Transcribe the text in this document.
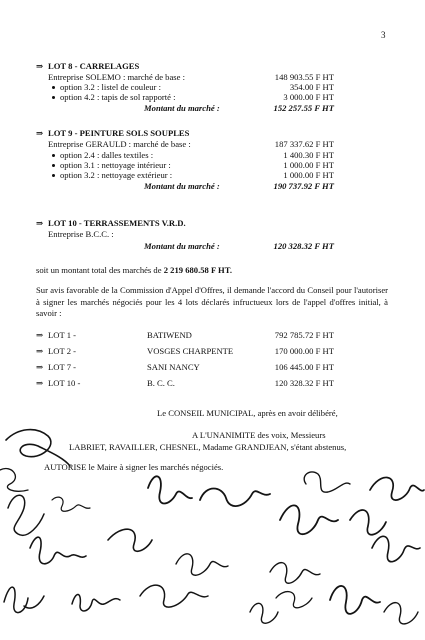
3
⇒ LOT 8 - CARRELAGES
Entreprise SOLEMO : marché de base :	148 903.55 F HT
option 3.2 : listel de couleur :	354.00 F HT
option 4.2 : tapis de sol rapporté :	3 000.00 F HT
Montant du marché :	152 257.55 F HT
⇒ LOT 9 - PEINTURE SOLS SOUPLES
Entreprise GERAULD : marché de base :	187 337.62 F HT
option 2.4 : dalles textiles :	1 400.30 F HT
option 3.1 : nettoyage intérieur :	1 000.00 F HT
option 3.2 : nettoyage extérieur :	1 000.00 F HT
Montant du marché :	190 737.92 F HT
⇒ LOT 10 - TERRASSEMENTS V.R.D.
Entreprise B.C.C. :
Montant du marché :	120 328.32 F HT
soit un montant total des marchés de 2 219 680.58 F HT.
Sur avis favorable de la Commission d'Appel d'Offres, il demande l'accord du Conseil pour l'autoriser à signer les marchés négociés pour les 4 lots déclarés infructueux lors de l'appel d'offres initial, à savoir :
⇒ LOT 1 -	BATIWEND	792 785.72 F HT
⇒ LOT 2 -	VOSGES CHARPENTE	170 000.00 F HT
⇒ LOT 7 -	SANI NANCY	106 445.00 F HT
⇒ LOT 10 -	B. C. C.	120 328.32 F HT
Le CONSEIL MUNICIPAL, après en avoir délibéré,
A L'UNANIMITE des voix, Messieurs
LABRIET, RAVAILLER, CHESNEL, Madame GRANDJEAN, s'étant abstenus,
AUTORISE le Maire à signer les marchés négociés.
